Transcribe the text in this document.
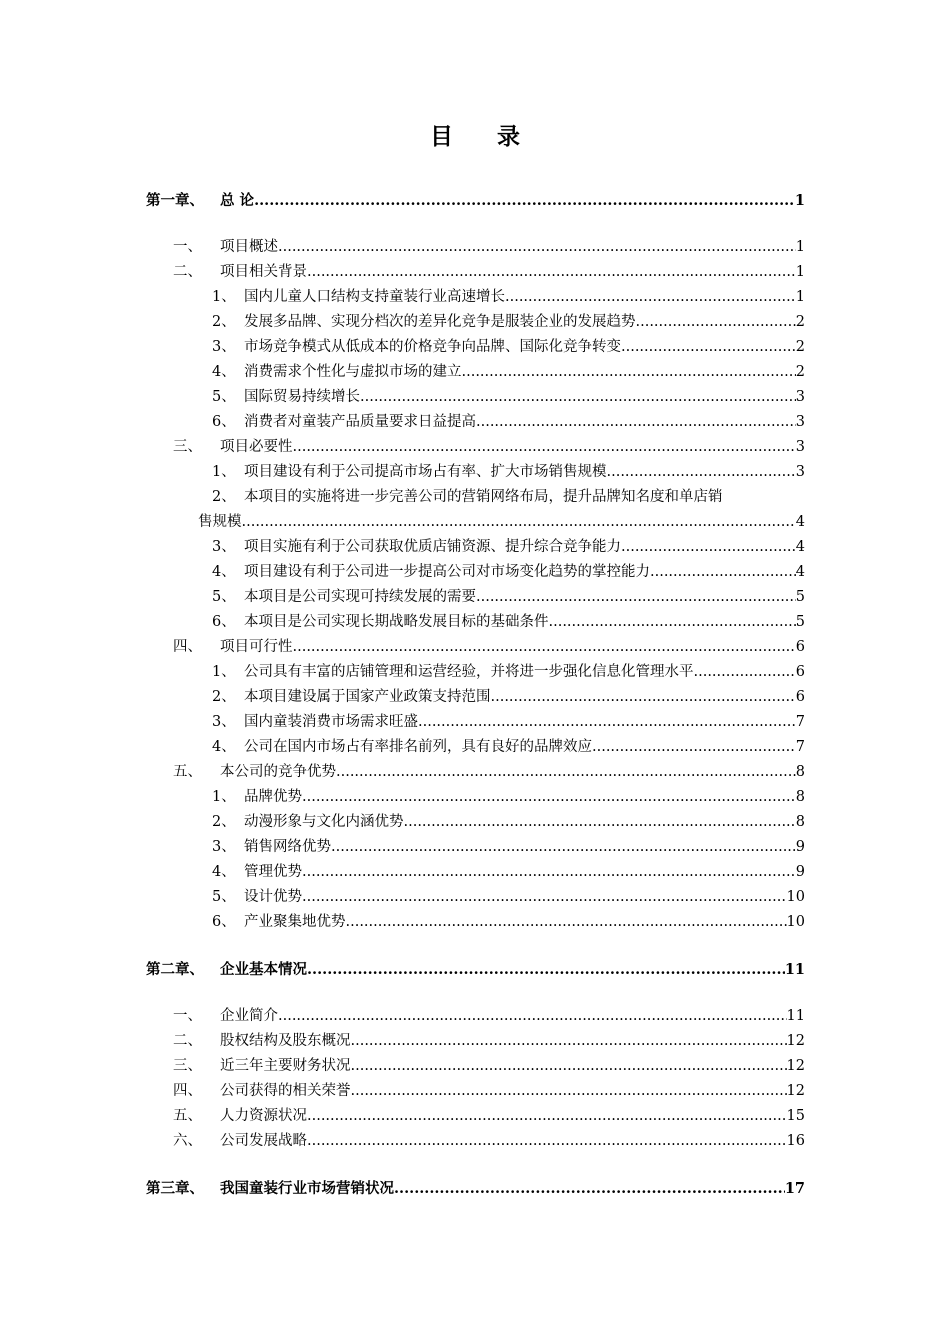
目 录
第一章、	总 论 .....	1
一、	项目概述 .....	1
二、	项目相关背景 .....	1
1、 国内儿童人口结构支持童装行业高速增长 .....	1
2、 发展多品牌、实现分档次的差异化竞争是服装企业的发展趋势 .....	2
3、 市场竞争模式从低成本的价格竞争向品牌、国际化竞争转变 .....	2
4、 消费需求个性化与虚拟市场的建立 .....	2
5、 国际贸易持续增长 .....	3
6、 消费者对童装产品质量要求日益提高 .....	3
三、	项目必要性 .....	3
1、 项目建设有利于公司提高市场占有率、扩大市场销售规模 .....	3
2、 本项目的实施将进一步完善公司的营销网络布局，提升品牌知名度和单店销
售规模 .....	4
3、 项目实施有利于公司获取优质店铺资源、提升综合竞争能力 .....	4
4、 项目建设有利于公司进一步提高公司对市场变化趋势的掌控能力 .....	4
5、 本项目是公司实现可持续发展的需要 .....	5
6、 本项目是公司实现长期战略发展目标的基础条件 .....	5
四、	项目可行性 .....	6
1、 公司具有丰富的店铺管理和运营经验，并将进一步强化信息化管理水平 .....	6
2、 本项目建设属于国家产业政策支持范围 .....	6
3、 国内童装消费市场需求旺盛 .....	7
4、 公司在国内市场占有率排名前列，具有良好的品牌效应 .....	7
五、	本公司的竞争优势 .....	8
1、 品牌优势 .....	8
2、 动漫形象与文化内涵优势 .....	8
3、 销售网络优势 .....	9
4、 管理优势 .....	9
5、 设计优势 .....	10
6、 产业聚集地优势 .....	10
第二章、	企业基本情况 .....	11
一、	企业简介 .....	11
二、	股权结构及股东概况 .....	12
三、	近三年主要财务状况 .....	12
四、	公司获得的相关荣誉 .....	12
五、	人力资源状况 .....	15
六、	公司发展战略 .....	16
第三章、	我国童装行业市场营销状况 .....	17
